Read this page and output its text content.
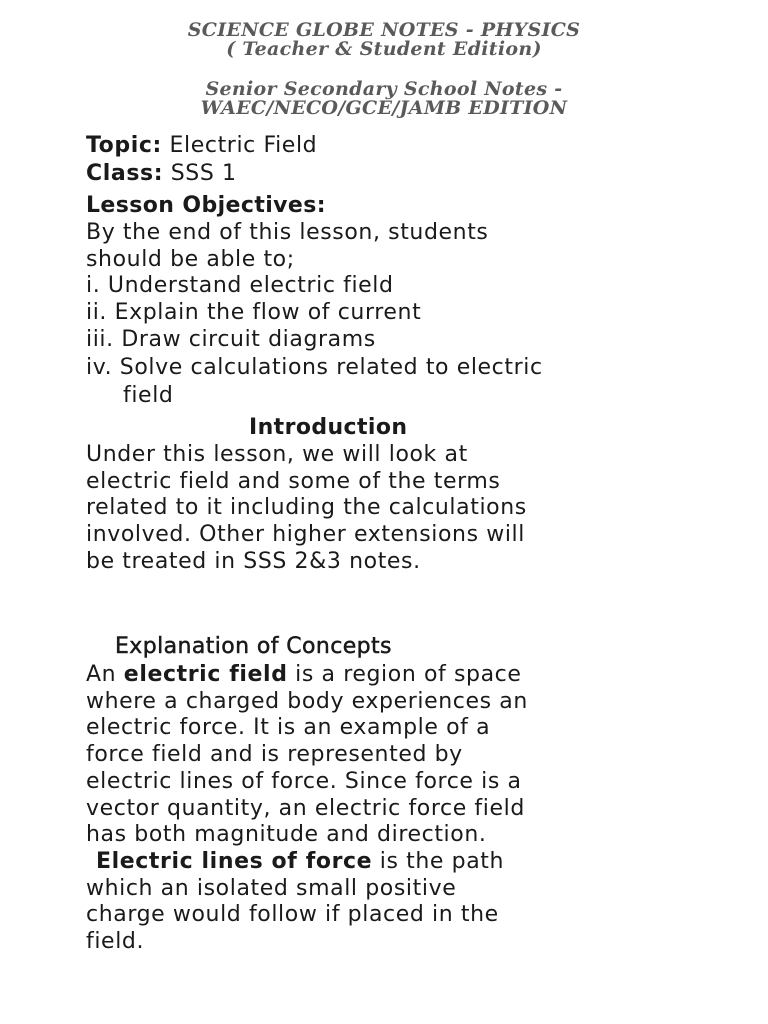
SCIENCE GLOBE NOTES - PHYSICS
( Teacher & Student Edition)
Senior Secondary School Notes -
WAEC/NECO/GCE/JAMB EDITION
Topic: Electric Field
Class: SSS 1
Lesson Objectives:
By the end of this lesson, students
should be able to;
i. Understand electric field
ii. Explain the flow of current
iii. Draw circuit diagrams
iv. Solve calculations related to electric
field
Introduction
Under this lesson, we will look at
electric field and some of the terms
related to it including the calculations
involved. Other higher extensions will
be treated in SSS 2&3 notes.
Explanation of Concepts
An electric field is a region of space
where a charged body experiences an
electric force. It is an example of a
force field and is represented by
electric lines of force. Since force is a
vector quantity, an electric force field
has both magnitude and direction.
Electric lines of force is the path
which an isolated small positive
charge would follow if placed in the
field.
